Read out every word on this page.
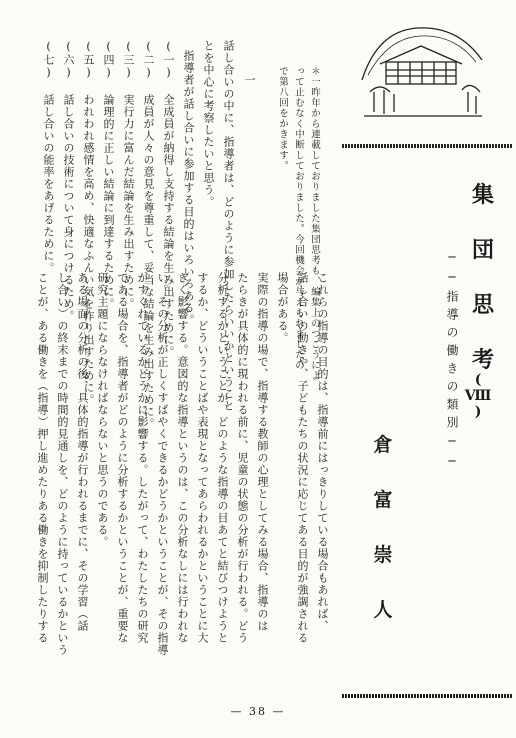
＊一昨年から連載しておりました集団思考も、編集上のつごうによ
って止むなく中断しておりました。今回機会が与えられましたの
で第八回をかきます。
集
団
思
考
(Ⅷ)
──指導の働きの類別──
倉
富
崇
人
これらの指導の目的は、指導前にはっきりしている場合もあれば、
話し合いの動きや、子どもたちの状況に応じてある目的が強調される
場合がある。
実際の指導の場で、指導する教師の心理としてみる場合、指導のは
たらきが具体的に現われる前に、児童の状態の分析が行われる。どう
分析するかということが、どのような指導の目あてと結びつけようと
するか、どういうことばや表現となってあらわれるかということに大
きく影響する。意図的な指導というのは、この分析なしには行われな
い。その分析が正しくすばやくできるかどうかということが、その指導
がすぐれているかどうかに影響する。したがって、わたしたちの研究
である場合を、指導者がどのように分析するかということが、重要な
研究主題にならなければならないと思うのである。
ある場面の分析の後、具体的指導が行われるまでに、その学習（話
し合い）の終末までの時間的見通しを、どのように持っているかという
ことが、ある働きを（指導）押し進めたりある働きを抑制したりする
一
話し合いの中に、指導者は、どのように参加したらいいかということ
とを中心に考察したいと思う。
指導者が話し合いに参加する目的はいろいろある。
(一) 全成員が納得し支持する結論を生み出すために。
(二) 成員が人々の意見を尊重して、妥当な結論を生み出すために。
(三) 実行力に富んだ結論を生み出すために。
(四) 論理的に正しい結論に到達するために。
(五) われわれ感情を高め、快適なふんい気を作り出すために。
(六) 話し合いの技術について身につけるため。
(七) 話し合いの能率をあげるために。
— 38 —
